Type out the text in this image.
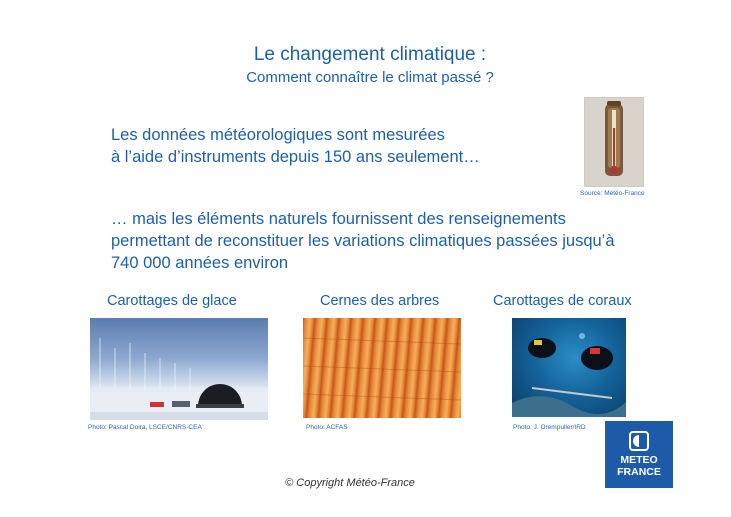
Le changement climatique :
Comment connaître le climat passé ?
Les données météorologiques sont mesurées
à l’aide d’instruments depuis 150 ans seulement…
Source: Météo-France
… mais les éléments naturels fournissent des renseignements
permettant de reconstituer les variations climatiques passées jusqu’à
740 000 années environ
Carottages de glace	Cernes des arbres	Carottages de coraux
Photo: Pascal Doira, LSCE/CNRS-CEA	Photo: ACFAS	Photo: J. Orempuller/IRD
METEO
FRANCE
© Copyright Météo-France
